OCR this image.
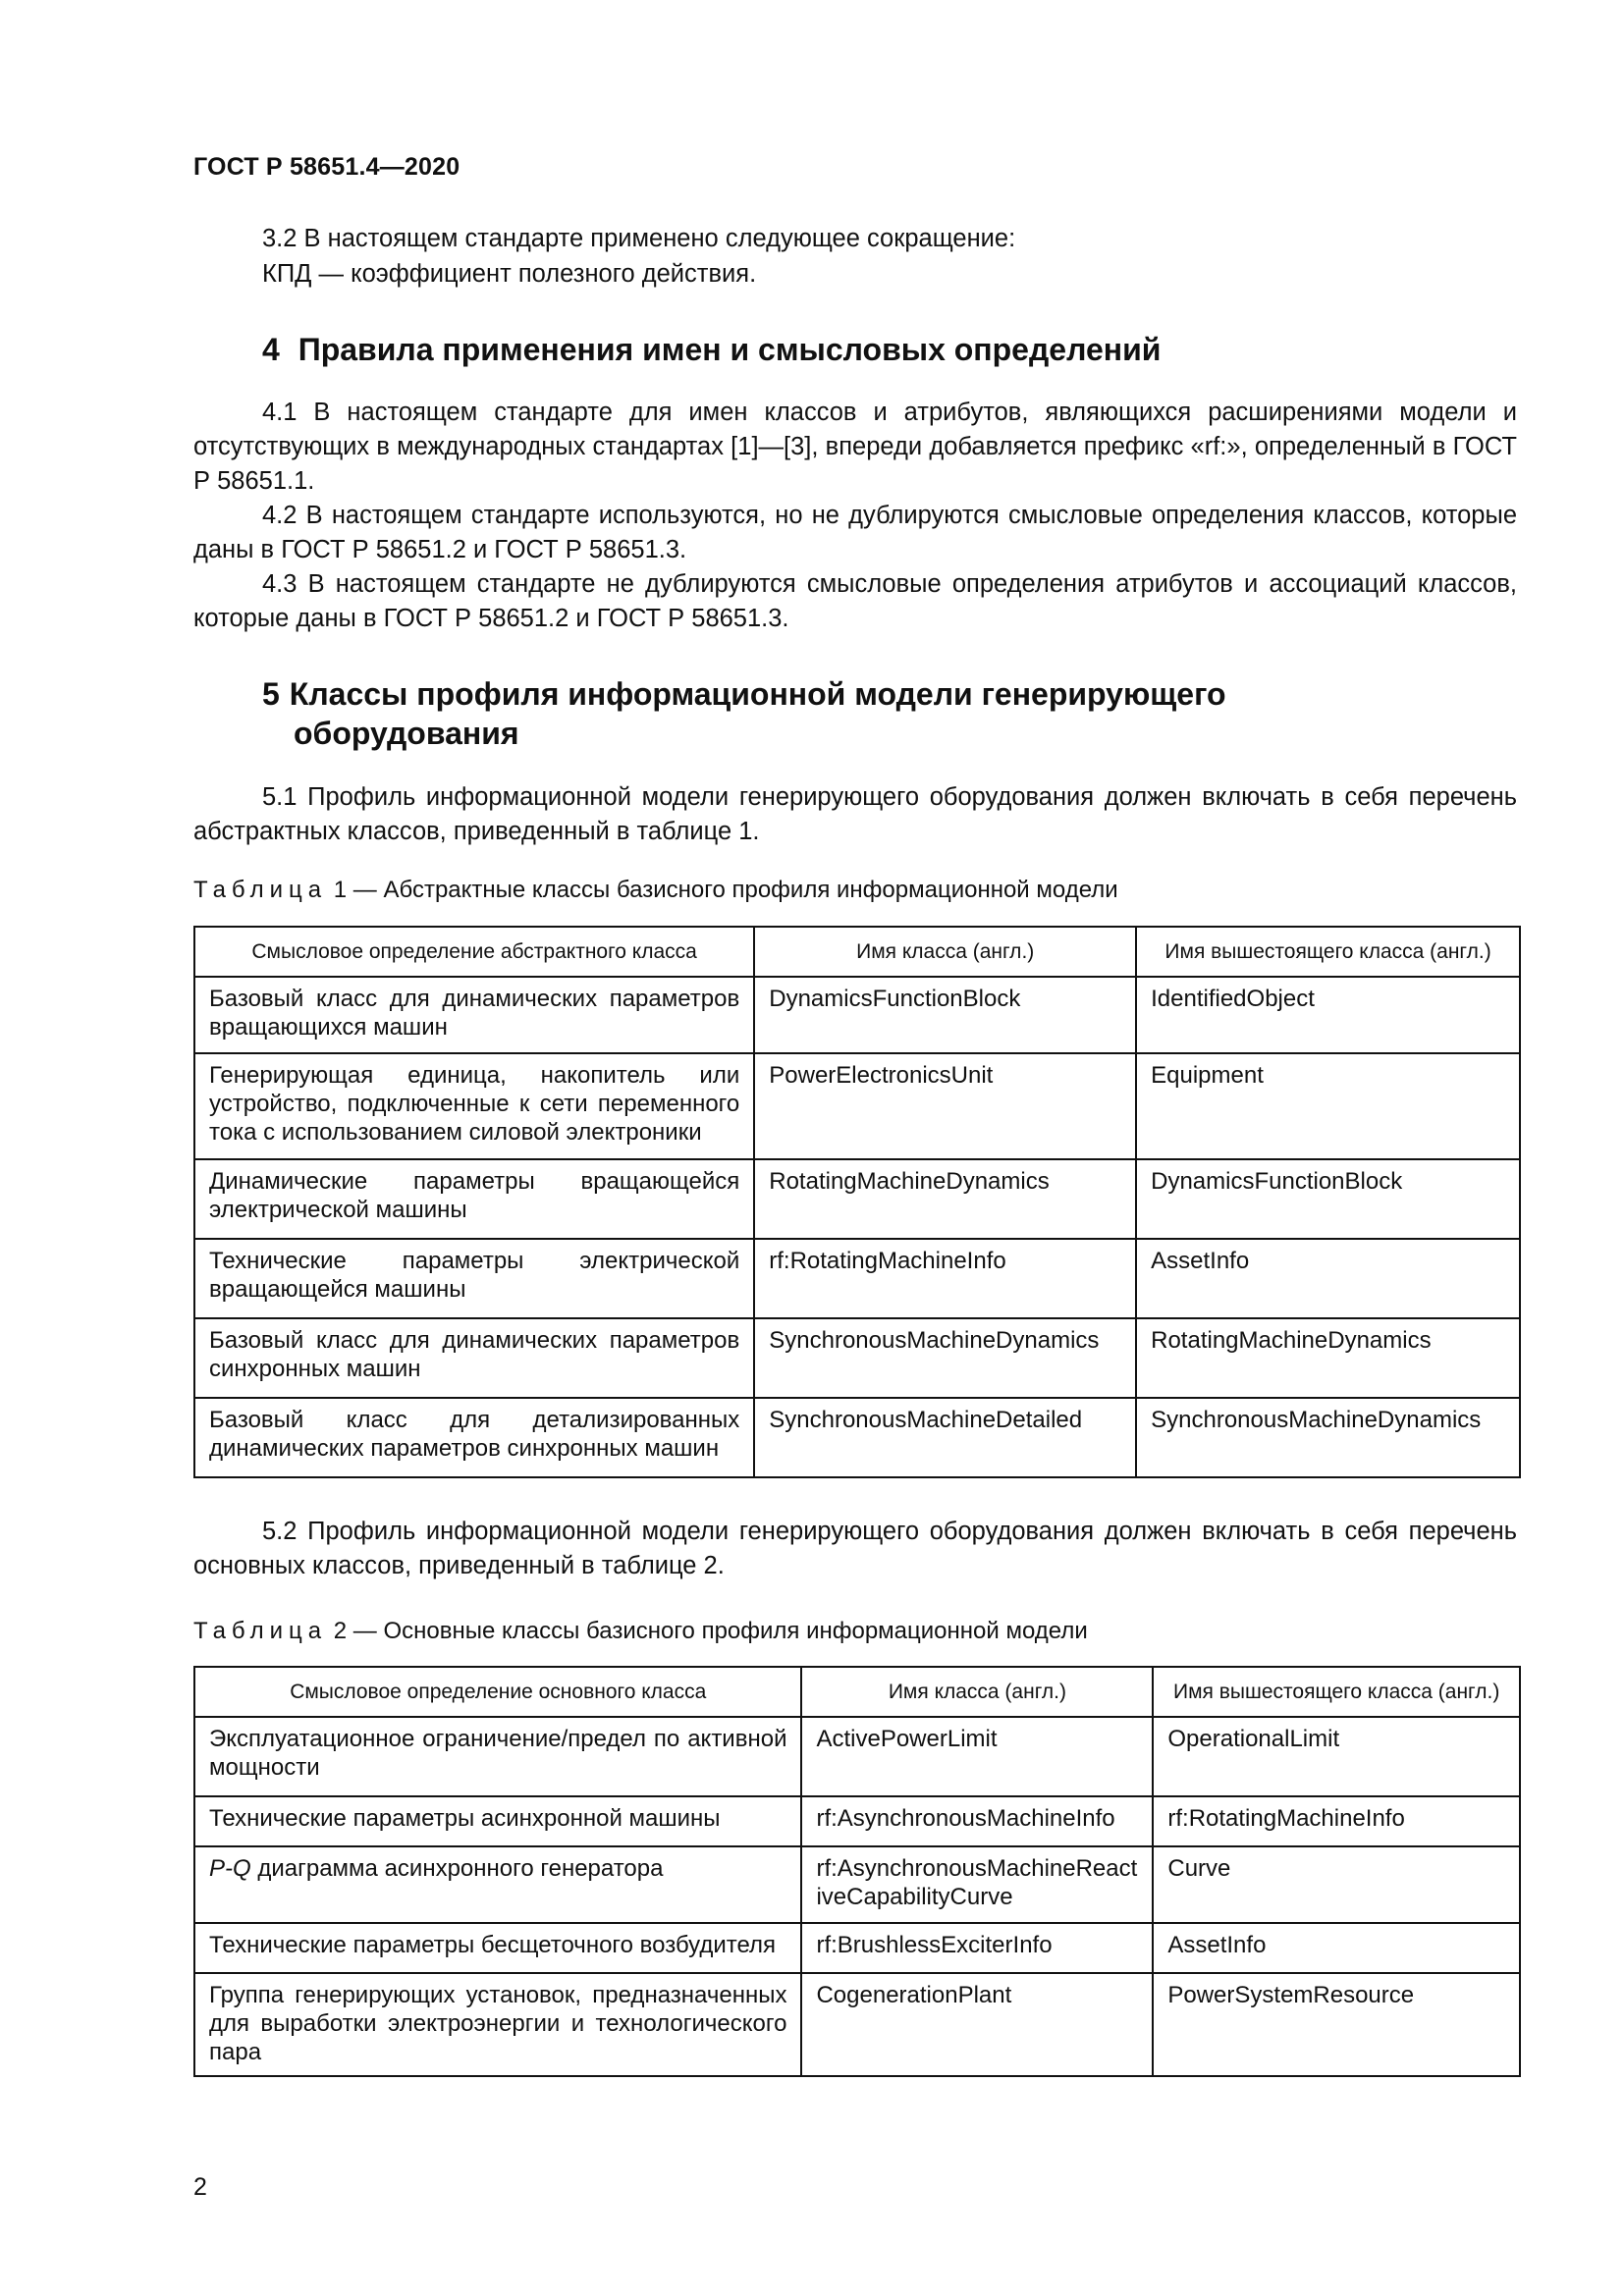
ГОСТ Р 58651.4—2020
3.2 В настоящем стандарте применено следующее сокращение:
КПД — коэффициент полезного действия.
4 Правила применения имен и смысловых определений
4.1 В настоящем стандарте для имен классов и атрибутов, являющихся расширениями модели и отсутствующих в международных стандартах [1]—[3], впереди добавляется префикс «rf:», определенный в ГОСТ Р 58651.1.
4.2 В настоящем стандарте используются, но не дублируются смысловые определения классов, которые даны в ГОСТ Р 58651.2 и ГОСТ Р 58651.3.
4.3 В настоящем стандарте не дублируются смысловые определения атрибутов и ассоциаций классов, которые даны в ГОСТ Р 58651.2 и ГОСТ Р 58651.3.
5 Классы профиля информационной модели генерирующего
оборудования
5.1 Профиль информационной модели генерирующего оборудования должен включать в себя перечень абстрактных классов, приведенный в таблице 1.
Таблица 1 — Абстрактные классы базисного профиля информационной модели
Смысловое определение абстрактного класса	Имя класса (англ.)	Имя вышестоящего класса (англ.)
Базовый класс для динамических параметров вращающихся машин	DynamicsFunctionBlock	IdentifiedObject
Генерирующая единица, накопитель или устройство, подключенные к сети переменного тока с использованием силовой электроники	PowerElectronicsUnit	Equipment
Динамические параметры вращающейся электрической машины	RotatingMachineDynamics	DynamicsFunctionBlock
Технические параметры электрической вращающейся машины	rf:RotatingMachineInfo	AssetInfo
Базовый класс для динамических параметров синхронных машин	SynchronousMachineDynamics	RotatingMachineDynamics
Базовый класс для детализированных динамических параметров синхронных машин	SynchronousMachineDetailed	SynchronousMachineDynamics
5.2 Профиль информационной модели генерирующего оборудования должен включать в себя перечень основных классов, приведенный в таблице 2.
Таблица 2 — Основные классы базисного профиля информационной модели
Смысловое определение основного класса	Имя класса (англ.)	Имя вышестоящего класса (англ.)
Эксплуатационное ограничение/предел по активной мощности	ActivePowerLimit	OperationalLimit
Технические параметры асинхронной машины	rf:AsynchronousMachineInfo	rf:RotatingMachineInfo
P-Q диаграмма асинхронного генератора	rf:AsynchronousMachineReactiveCapabilityCurve	Curve
Технические параметры бесщеточного возбудителя	rf:BrushlessExciterInfo	AssetInfo
Группа генерирующих установок, предназначенных для выработки электроэнергии и технологического пара	CogenerationPlant	PowerSystemResource
2
